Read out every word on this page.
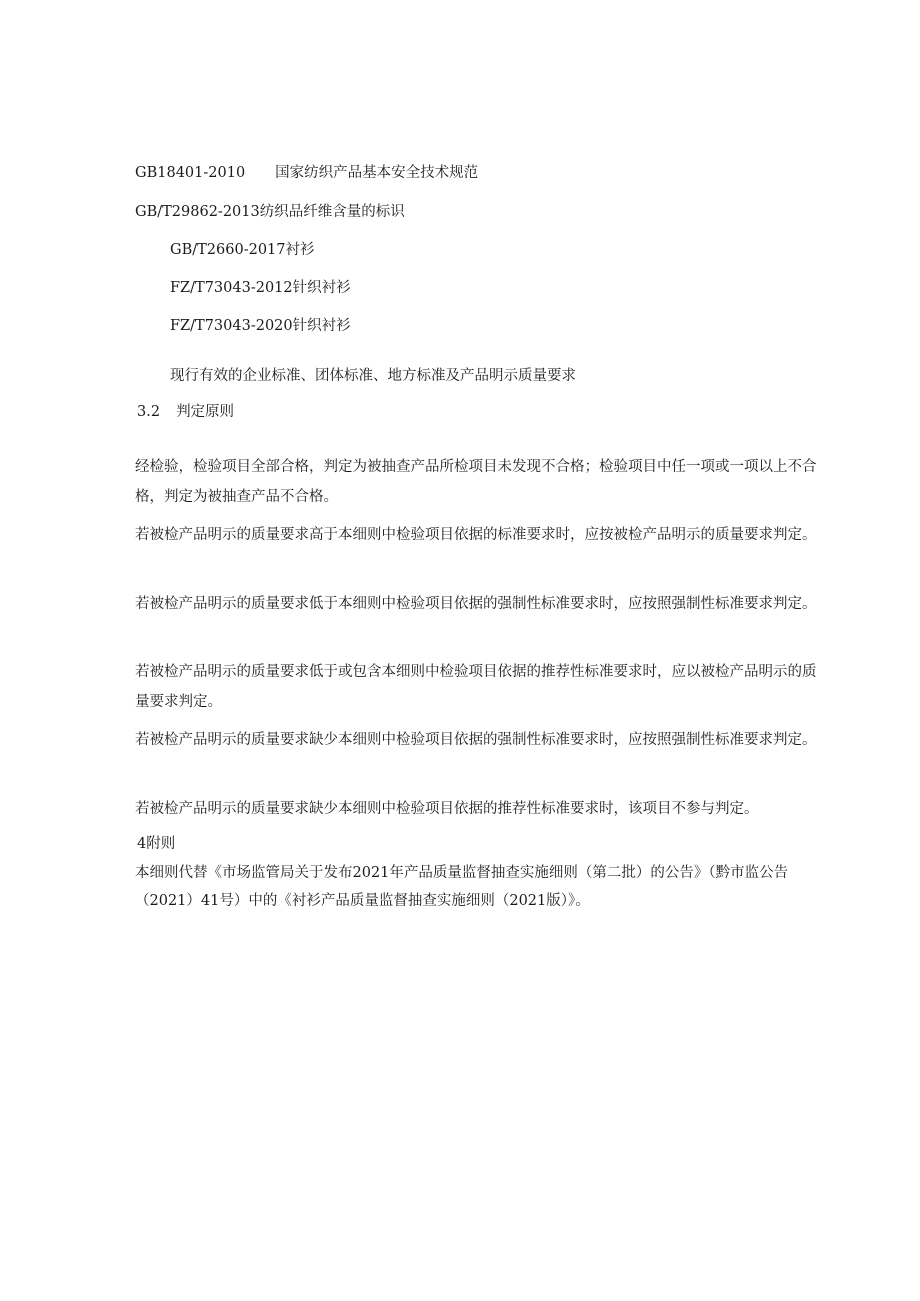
GB18401-2010 国家纺织产品基本安全技术规范
GB/T29862-2013纺织品纤维含量的标识
GB/T2660-2017衬衫
FZ/T73043-2012针织衬衫
FZ/T73043-2020针织衬衫
现行有效的企业标准、团体标准、地方标准及产品明示质量要求
3.2 判定原则
经检验，检验项目全部合格，判定为被抽查产品所检项目未发现不合格；检验项目中任一项或一项以上不合格，判定为被抽查产品不合格。
若被检产品明示的质量要求高于本细则中检验项目依据的标准要求时，应按被检产品明示的质量要求判定。
若被检产品明示的质量要求低于本细则中检验项目依据的强制性标准要求时，应按照强制性标准要求判定。
若被检产品明示的质量要求低于或包含本细则中检验项目依据的推荐性标准要求时，应以被检产品明示的质量要求判定。
若被检产品明示的质量要求缺少本细则中检验项目依据的强制性标准要求时，应按照强制性标准要求判定。
若被检产品明示的质量要求缺少本细则中检验项目依据的推荐性标准要求时，该项目不参与判定。
4附则
本细则代替《市场监管局关于发布2021年产品质量监督抽查实施细则（第二批）的公告》（黔市监公告（2021）41号）中的《衬衫产品质量监督抽查实施细则（2021版）》。
